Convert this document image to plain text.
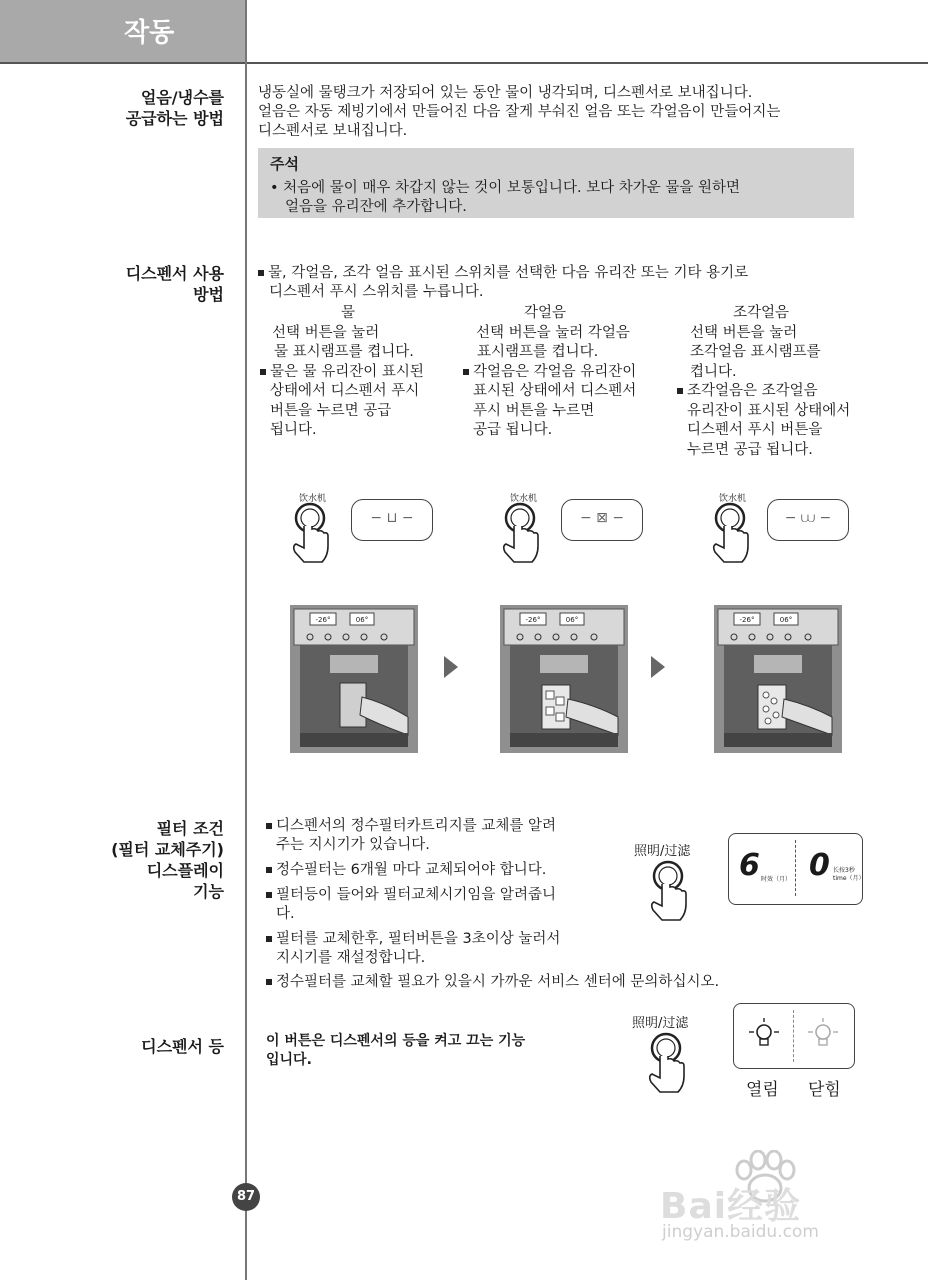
작동
얼음/냉수를
공급하는 방법
냉동실에 물탱크가 저장되어 있는 동안 물이 냉각되며, 디스펜서로 보내집니다.
얼음은 자동 제빙기에서 만들어진 다음 잘게 부숴진 얼음 또는 각얼음이 만들어지는
디스펜서로 보내집니다.
주석
• 처음에 물이 매우 차갑지 않는 것이 보통입니다. 보다 차가운 물을 원하면
얼음을 유리잔에 추가합니다.
디스펜서 사용
방법
물, 각얼음, 조각 얼음 표시된 스위치를 선택한 다음 유리잔 또는 기타 용기로
디스펜서 푸시 스위치를 누릅니다.
물
선택 버튼을 눌러
물 표시램프를 켭니다.
물은 물 유리잔이 표시된
상태에서 디스펜서 푸시
버튼을 누르면 공급
됩니다.
각얼음
선택 버튼을 눌러 각얼음
표시램프를 켭니다.
각얼음은 각얼음 유리잔이
표시된 상태에서 디스펜서
푸시 버튼을 누르면
공급 됩니다.
조각얼음
선택 버튼을 눌러
조각얼음 표시램프를
켭니다.
조각얼음은 조각얼음
유리잔이 표시된 상태에서
디스펜서 푸시 버튼을
누르면 공급 됩니다.
饮水机
− ⊔ −
饮水机
− ⊠ −
饮水机
− ⩊ −
-26°	06°	-26°	06°	-26°	06°
필터 조건
(필터 교체주기)
디스플레이
기능
디스펜서의 정수필터카트리지를 교체를 알려
주는 지시기가 있습니다.
정수필터는 6개월 마다 교체되어야 합니다.
필터등이 들어와 필터교체시기임을 알려줍니
다.
필터를 교체한후, 필터버튼을 3초이상 눌러서
지시기를 재설정합니다.
정수필터를 교체할 필요가 있을시 가까운 서비스 센터에 문의하십시오.
照明/过滤 6 时效（月） 0 长按3秒
time（月）
디스펜서 등	이 버튼은 디스펜서의 등을 켜고 끄는 기능
입니다.
照明/过滤
열림 닫힘
87	Bai经验
jingyan.baidu.com
